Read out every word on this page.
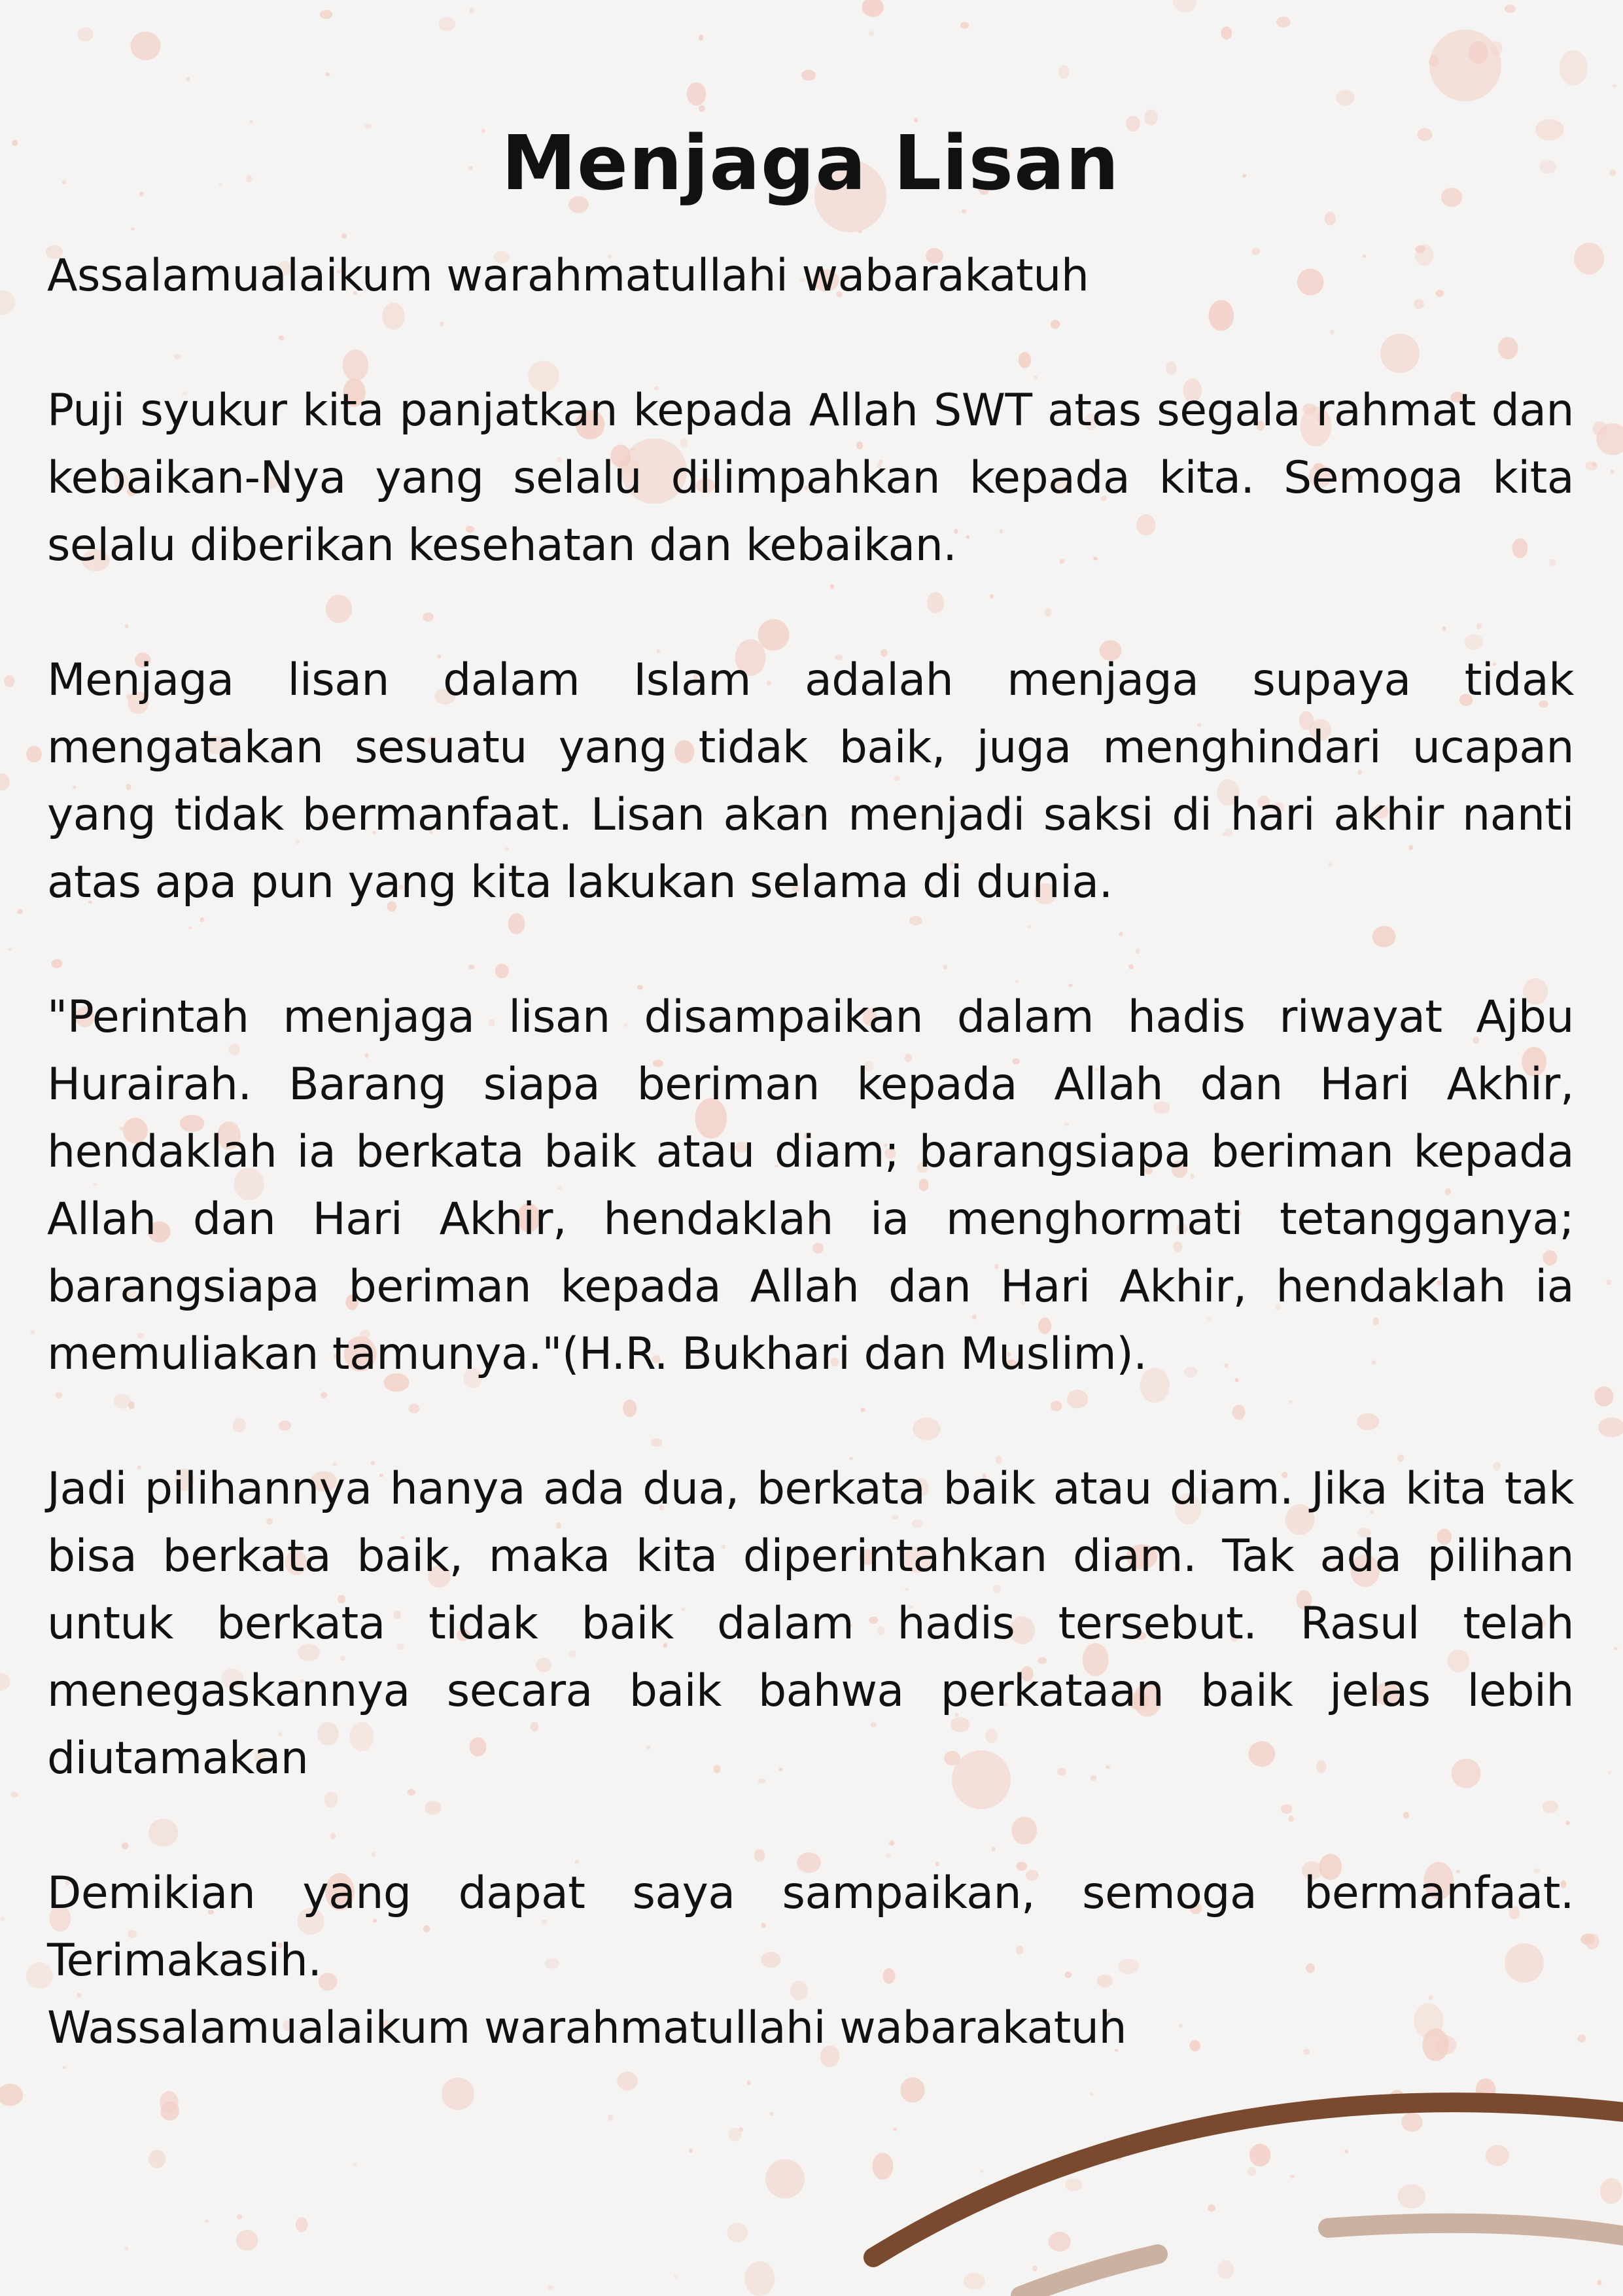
Menjaga Lisan

Assalamualaikum warahmatullahi wabarakatuh

Puji syukur kita panjatkan kepada Allah SWT atas segala rahmat dan kebaikan-Nya yang selalu dilimpahkan kepada kita. Semoga kita selalu diberikan kesehatan dan kebaikan.

Menjaga lisan dalam Islam adalah menjaga supaya tidak mengatakan sesuatu yang tidak baik, juga menghindari ucapan yang tidak bermanfaat. Lisan akan menjadi saksi di hari akhir nanti atas apa pun yang kita lakukan selama di dunia.

"Perintah menjaga lisan disampaikan dalam hadis riwayat Ajbu Hurairah. Barang siapa beriman kepada Allah dan Hari Akhir, hendaklah ia berkata baik atau diam; barangsiapa beriman kepada Allah dan Hari Akhir, hendaklah ia menghormati tetangganya; barangsiapa beriman kepada Allah dan Hari Akhir, hendaklah ia memuliakan tamunya."(H.R. Bukhari dan Muslim).

Jadi pilihannya hanya ada dua, berkata baik atau diam. Jika kita tak bisa berkata baik, maka kita diperintahkan diam. Tak ada pilihan untuk berkata tidak baik dalam hadis tersebut. Rasul telah menegaskannya secara baik bahwa perkataan baik jelas lebih diutamakan

Demikian yang dapat saya sampaikan, semoga bermanfaat. Terimakasih.

Wassalamualaikum warahmatullahi wabarakatuh
